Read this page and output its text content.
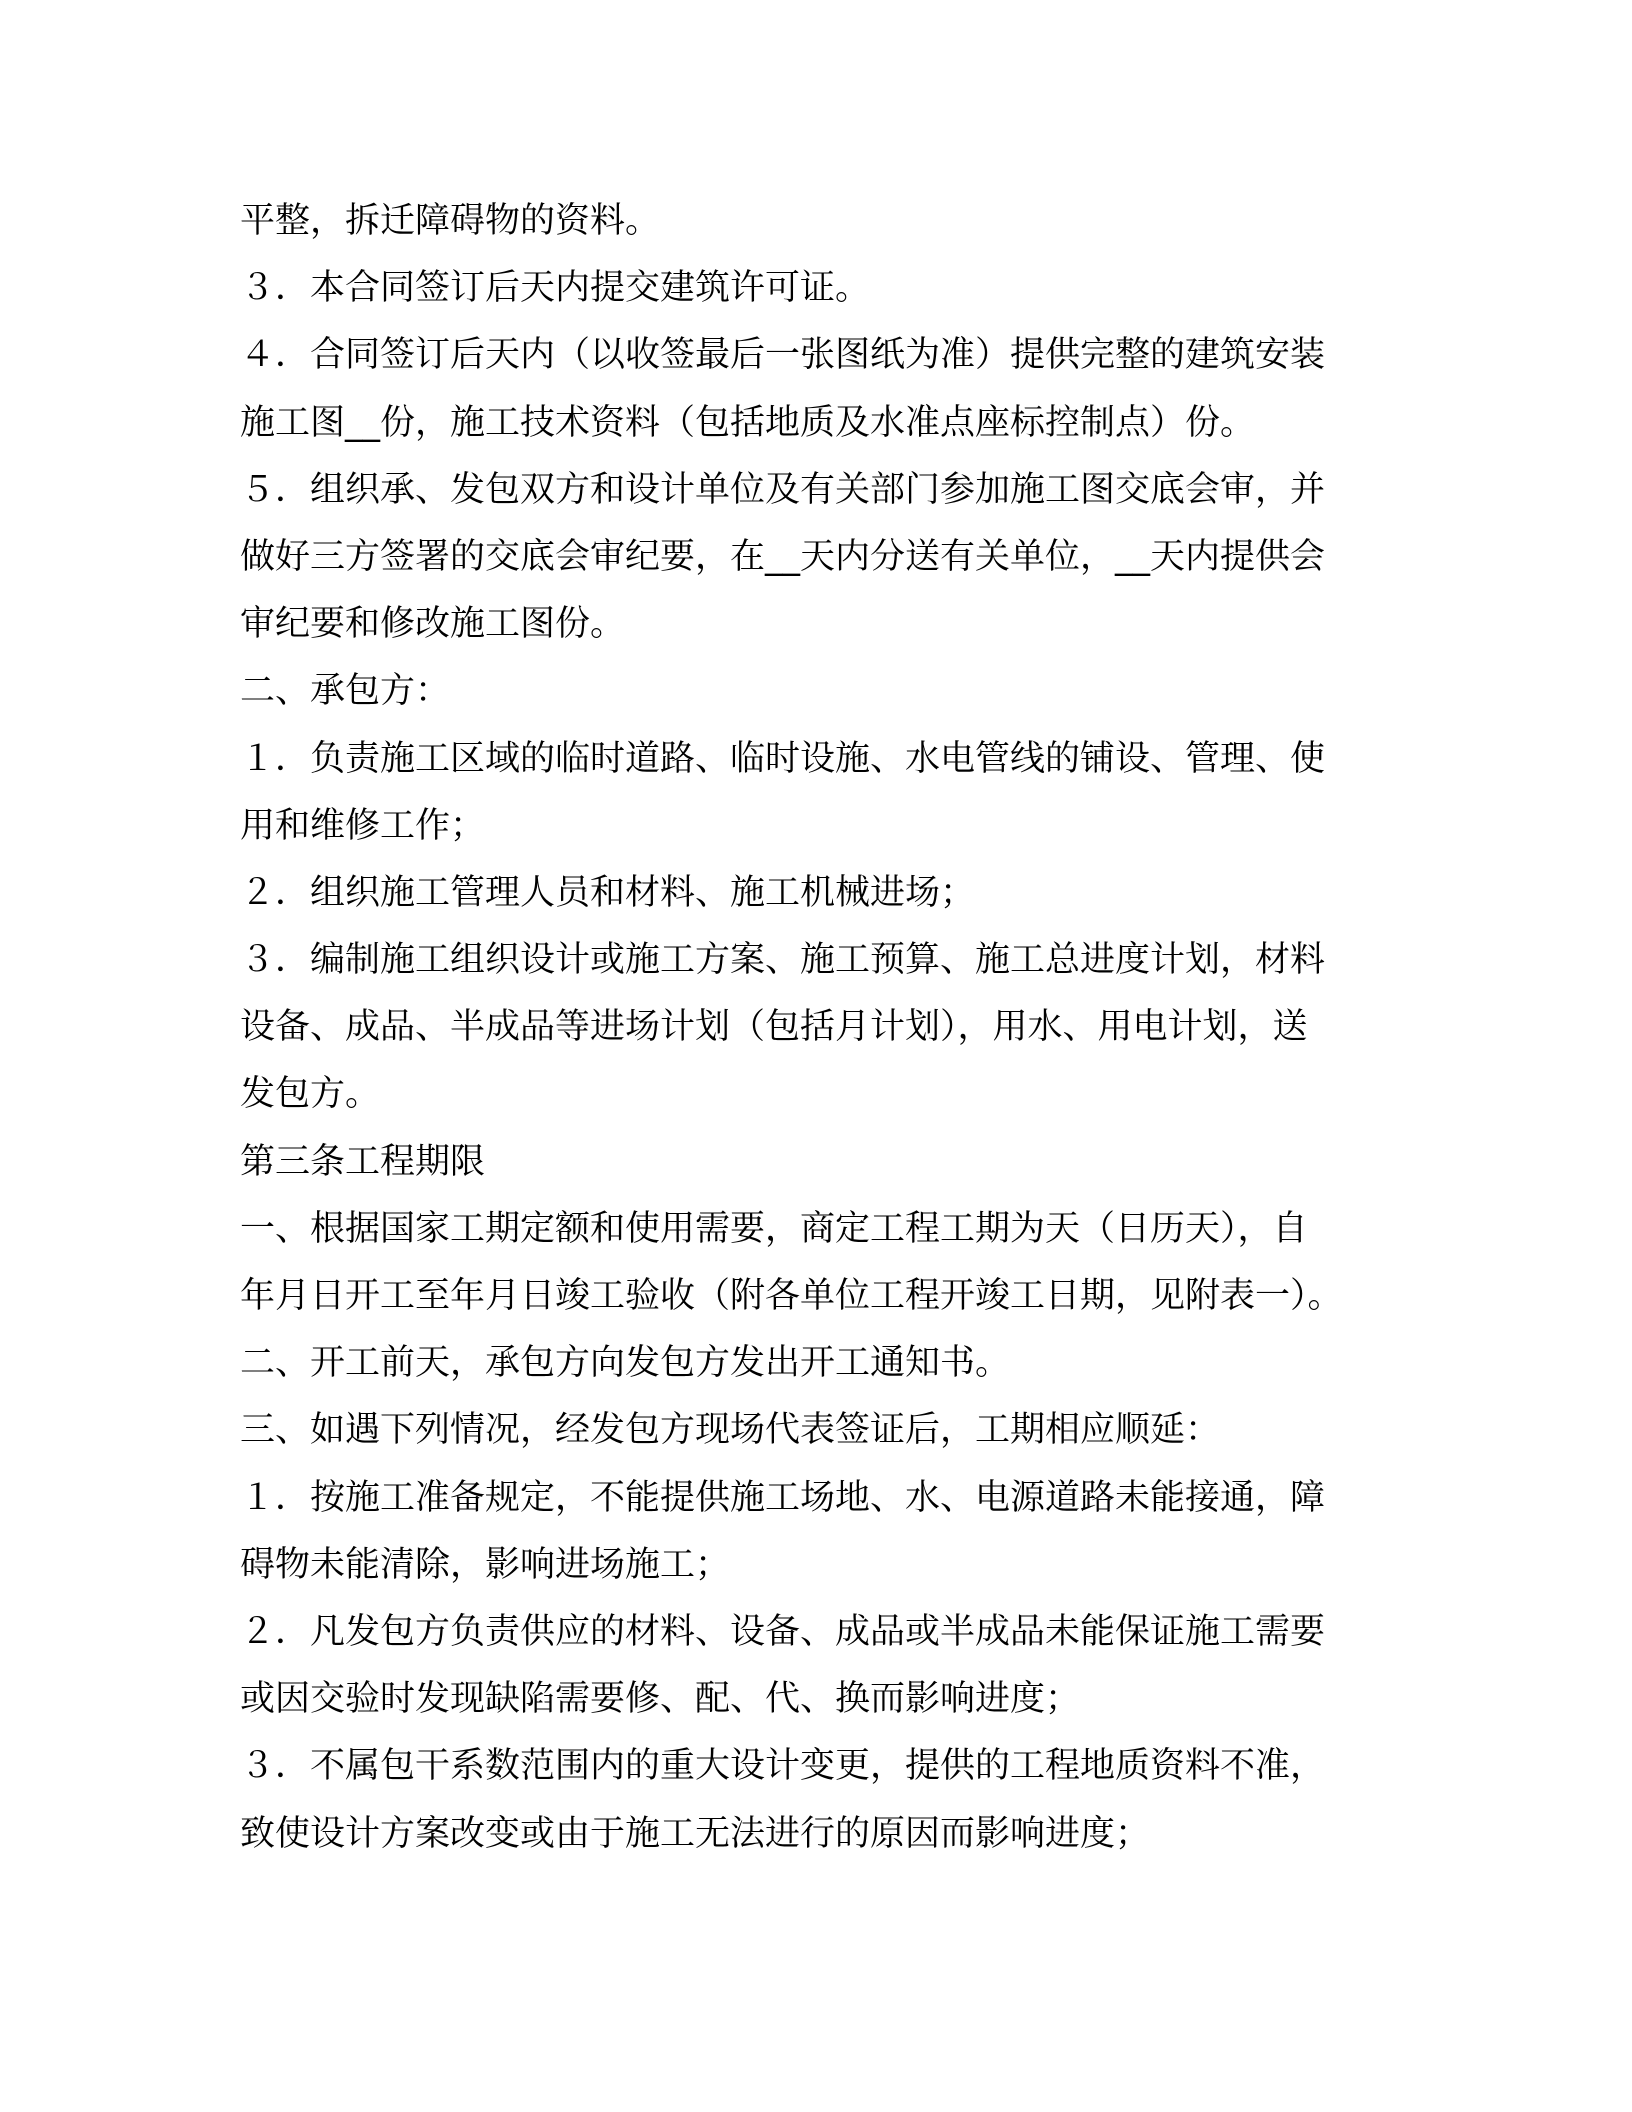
平整，拆迁障碍物的资料。
３．本合同签订后天内提交建筑许可证。
４．合同签订后天内（以收签最后一张图纸为准）提供完整的建筑安装
施工图__份，施工技术资料（包括地质及水准点座标控制点）份。
５．组织承、发包双方和设计单位及有关部门参加施工图交底会审，并
做好三方签署的交底会审纪要，在__天内分送有关单位，__天内提供会
审纪要和修改施工图份。
二、承包方：
１．负责施工区域的临时道路、临时设施、水电管线的铺设、管理、使
用和维修工作；
２．组织施工管理人员和材料、施工机械进场；
３．编制施工组织设计或施工方案、施工预算、施工总进度计划，材料
设备、成品、半成品等进场计划（包括月计划），用水、用电计划，送
发包方。
第三条工程期限
一、根据国家工期定额和使用需要，商定工程工期为天（日历天），自
年月日开工至年月日竣工验收（附各单位工程开竣工日期，见附表一）。
二、开工前天，承包方向发包方发出开工通知书。
三、如遇下列情况，经发包方现场代表签证后，工期相应顺延：
１．按施工准备规定，不能提供施工场地、水、电源道路未能接通，障
碍物未能清除，影响进场施工；
２．凡发包方负责供应的材料、设备、成品或半成品未能保证施工需要
或因交验时发现缺陷需要修、配、代、换而影响进度；
３．不属包干系数范围内的重大设计变更，提供的工程地质资料不准，
致使设计方案改变或由于施工无法进行的原因而影响进度；
